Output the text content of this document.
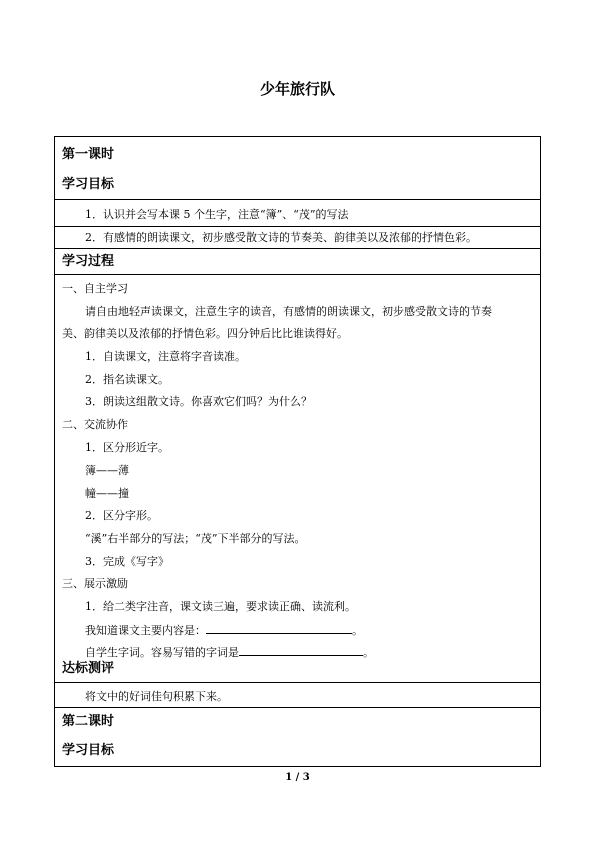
少年旅行队
第一课时
学习目标
1．认识并会写本课 5 个生字，注意“簿”、“茂”的写法
2．有感情的朗读课文，初步感受散文诗的节奏美、韵律美以及浓郁的抒情色彩。
学习过程
一、自主学习
请自由地轻声读课文，注意生字的读音，有感情的朗读课文，初步感受散文诗的节奏
美、韵律美以及浓郁的抒情色彩。四分钟后比比谁读得好。
1．自读课文，注意将字音读准。
2．指名读课文。
3．朗读这组散文诗。你喜欢它们吗？为什么？
二、交流协作
1．区分形近字。
簿——薄
幢——撞
2．区分字形。
“溪”右半部分的写法；“茂”下半部分的写法。
3．完成《写字》
三、展示激励
1．给二类字注音，课文读三遍，要求读正确、读流利。
我知道课文主要内容是：	。
自学生字词。容易写错的字词是	。
达标测评
将文中的好词佳句积累下来。
第二课时
学习目标
1 / 3
